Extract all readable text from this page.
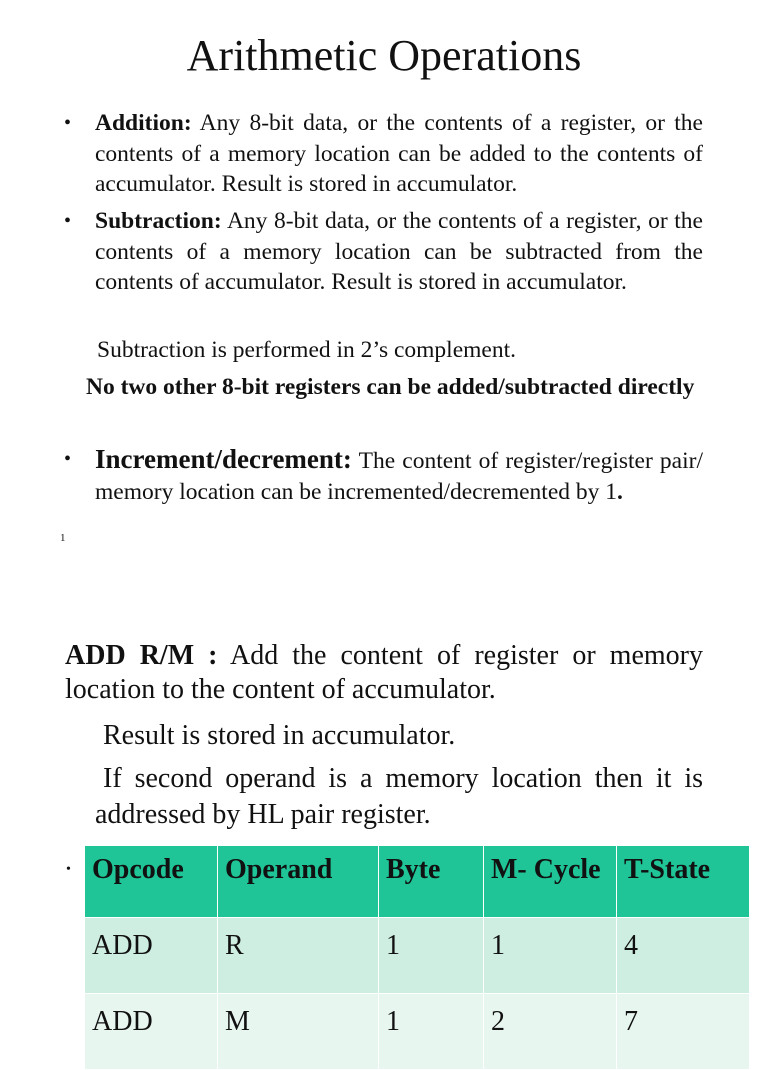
Arithmetic Operations
• Addition: Any 8-bit data, or the contents of a register, or the contents of a memory location can be added to the contents of accumulator. Result is stored in accumulator.

• Subtraction: Any 8-bit data, or the contents of a register, or the contents of a memory location can be subtracted from the contents of accumulator. Result is stored in accumulator.

Subtraction is performed in 2’s complement.

No two other 8-bit registers can be added/subtracted directly

• Increment/decrement: The content of register/register pair/ memory location can be incremented/decremented by 1.

1

ADD R/M : Add the content of register or memory location to the content of accumulator.

Result is stored in accumulator.

If second operand is a memory location then it is addressed by HL pair register.

• Opcode	Operand	Byte	M- Cycle	T-State
ADD	R	1	1	4
ADD	M	1	2	7
